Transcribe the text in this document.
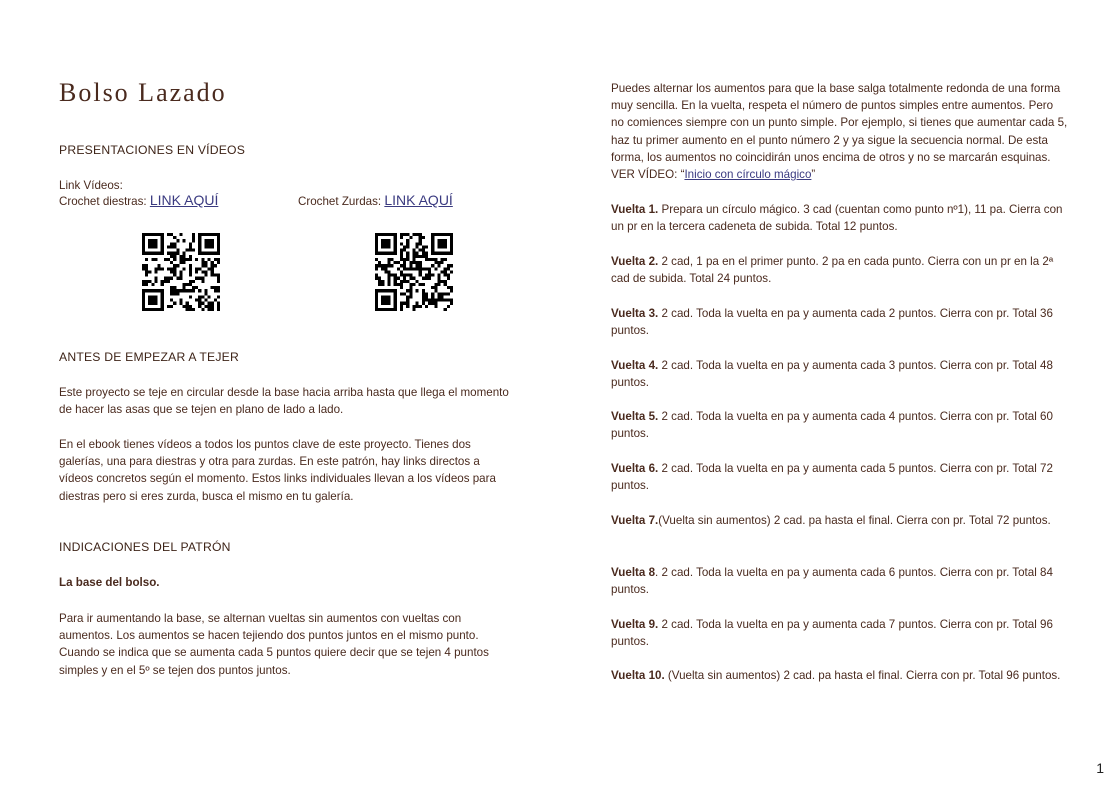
Bolso Lazado
PRESENTACIONES EN VÍDEOS

Link Vídeos:

Crochet diestras: LINK AQUÍ	Crochet Zurdas: LINK AQUÍ
ANTES DE EMPEZAR A TEJER

Este proyecto se teje en circular desde la base hacia arriba hasta que llega el momento de hacer las asas que se tejen en plano de lado a lado.

En el ebook tienes vídeos a todos los puntos clave de este proyecto. Tienes dos galerías, una para diestras y otra para zurdas. En este patrón, hay links directos a vídeos concretos según el momento. Estos links individuales llevan a los vídeos para diestras pero si eres zurda, busca el mismo en tu galería.

INDICACIONES DEL PATRÓN

La base del bolso.

Para ir aumentando la base, se alternan vueltas sin aumentos con vueltas con aumentos. Los aumentos se hacen tejiendo dos puntos juntos en el mismo punto. Cuando se indica que se aumenta cada 5 puntos quiere decir que se tejen 4 puntos simples y en el 5º se tejen dos puntos juntos.

Puedes alternar los aumentos para que la base salga totalmente redonda de una forma muy sencilla. En la vuelta, respeta el número de puntos simples entre aumentos. Pero no comiences siempre con un punto simple. Por ejemplo, si tienes que aumentar cada 5, haz tu primer aumento en el punto número 2 y ya sigue la secuencia normal. De esta forma, los aumentos no coincidirán unos encima de otros y no se marcarán esquinas. VER VÍDEO: “Inicio con círculo mágico”

Vuelta 1. Prepara un círculo mágico. 3 cad (cuentan como punto nº1), 11 pa. Cierra con un pr en la tercera cadeneta de subida. Total 12 puntos.

Vuelta 2. 2 cad, 1 pa en el primer punto. 2 pa en cada punto. Cierra con un pr en la 2ª cad de subida. Total 24 puntos.

Vuelta 3. 2 cad. Toda la vuelta en pa y aumenta cada 2 puntos. Cierra con pr. Total 36 puntos.

Vuelta 4. 2 cad. Toda la vuelta en pa y aumenta cada 3 puntos. Cierra con pr. Total 48 puntos.

Vuelta 5. 2 cad. Toda la vuelta en pa y aumenta cada 4 puntos. Cierra con pr. Total 60 puntos.

Vuelta 6. 2 cad. Toda la vuelta en pa y aumenta cada 5 puntos. Cierra con pr. Total 72 puntos.

Vuelta 7.(Vuelta sin aumentos) 2 cad. pa hasta el final. Cierra con pr. Total 72 puntos.

Vuelta 8. 2 cad. Toda la vuelta en pa y aumenta cada 6 puntos. Cierra con pr. Total 84 puntos.

Vuelta 9. 2 cad. Toda la vuelta en pa y aumenta cada 7 puntos. Cierra con pr. Total 96 puntos.

Vuelta 10. (Vuelta sin aumentos) 2 cad. pa hasta el final. Cierra con pr. Total 96 puntos.

1
